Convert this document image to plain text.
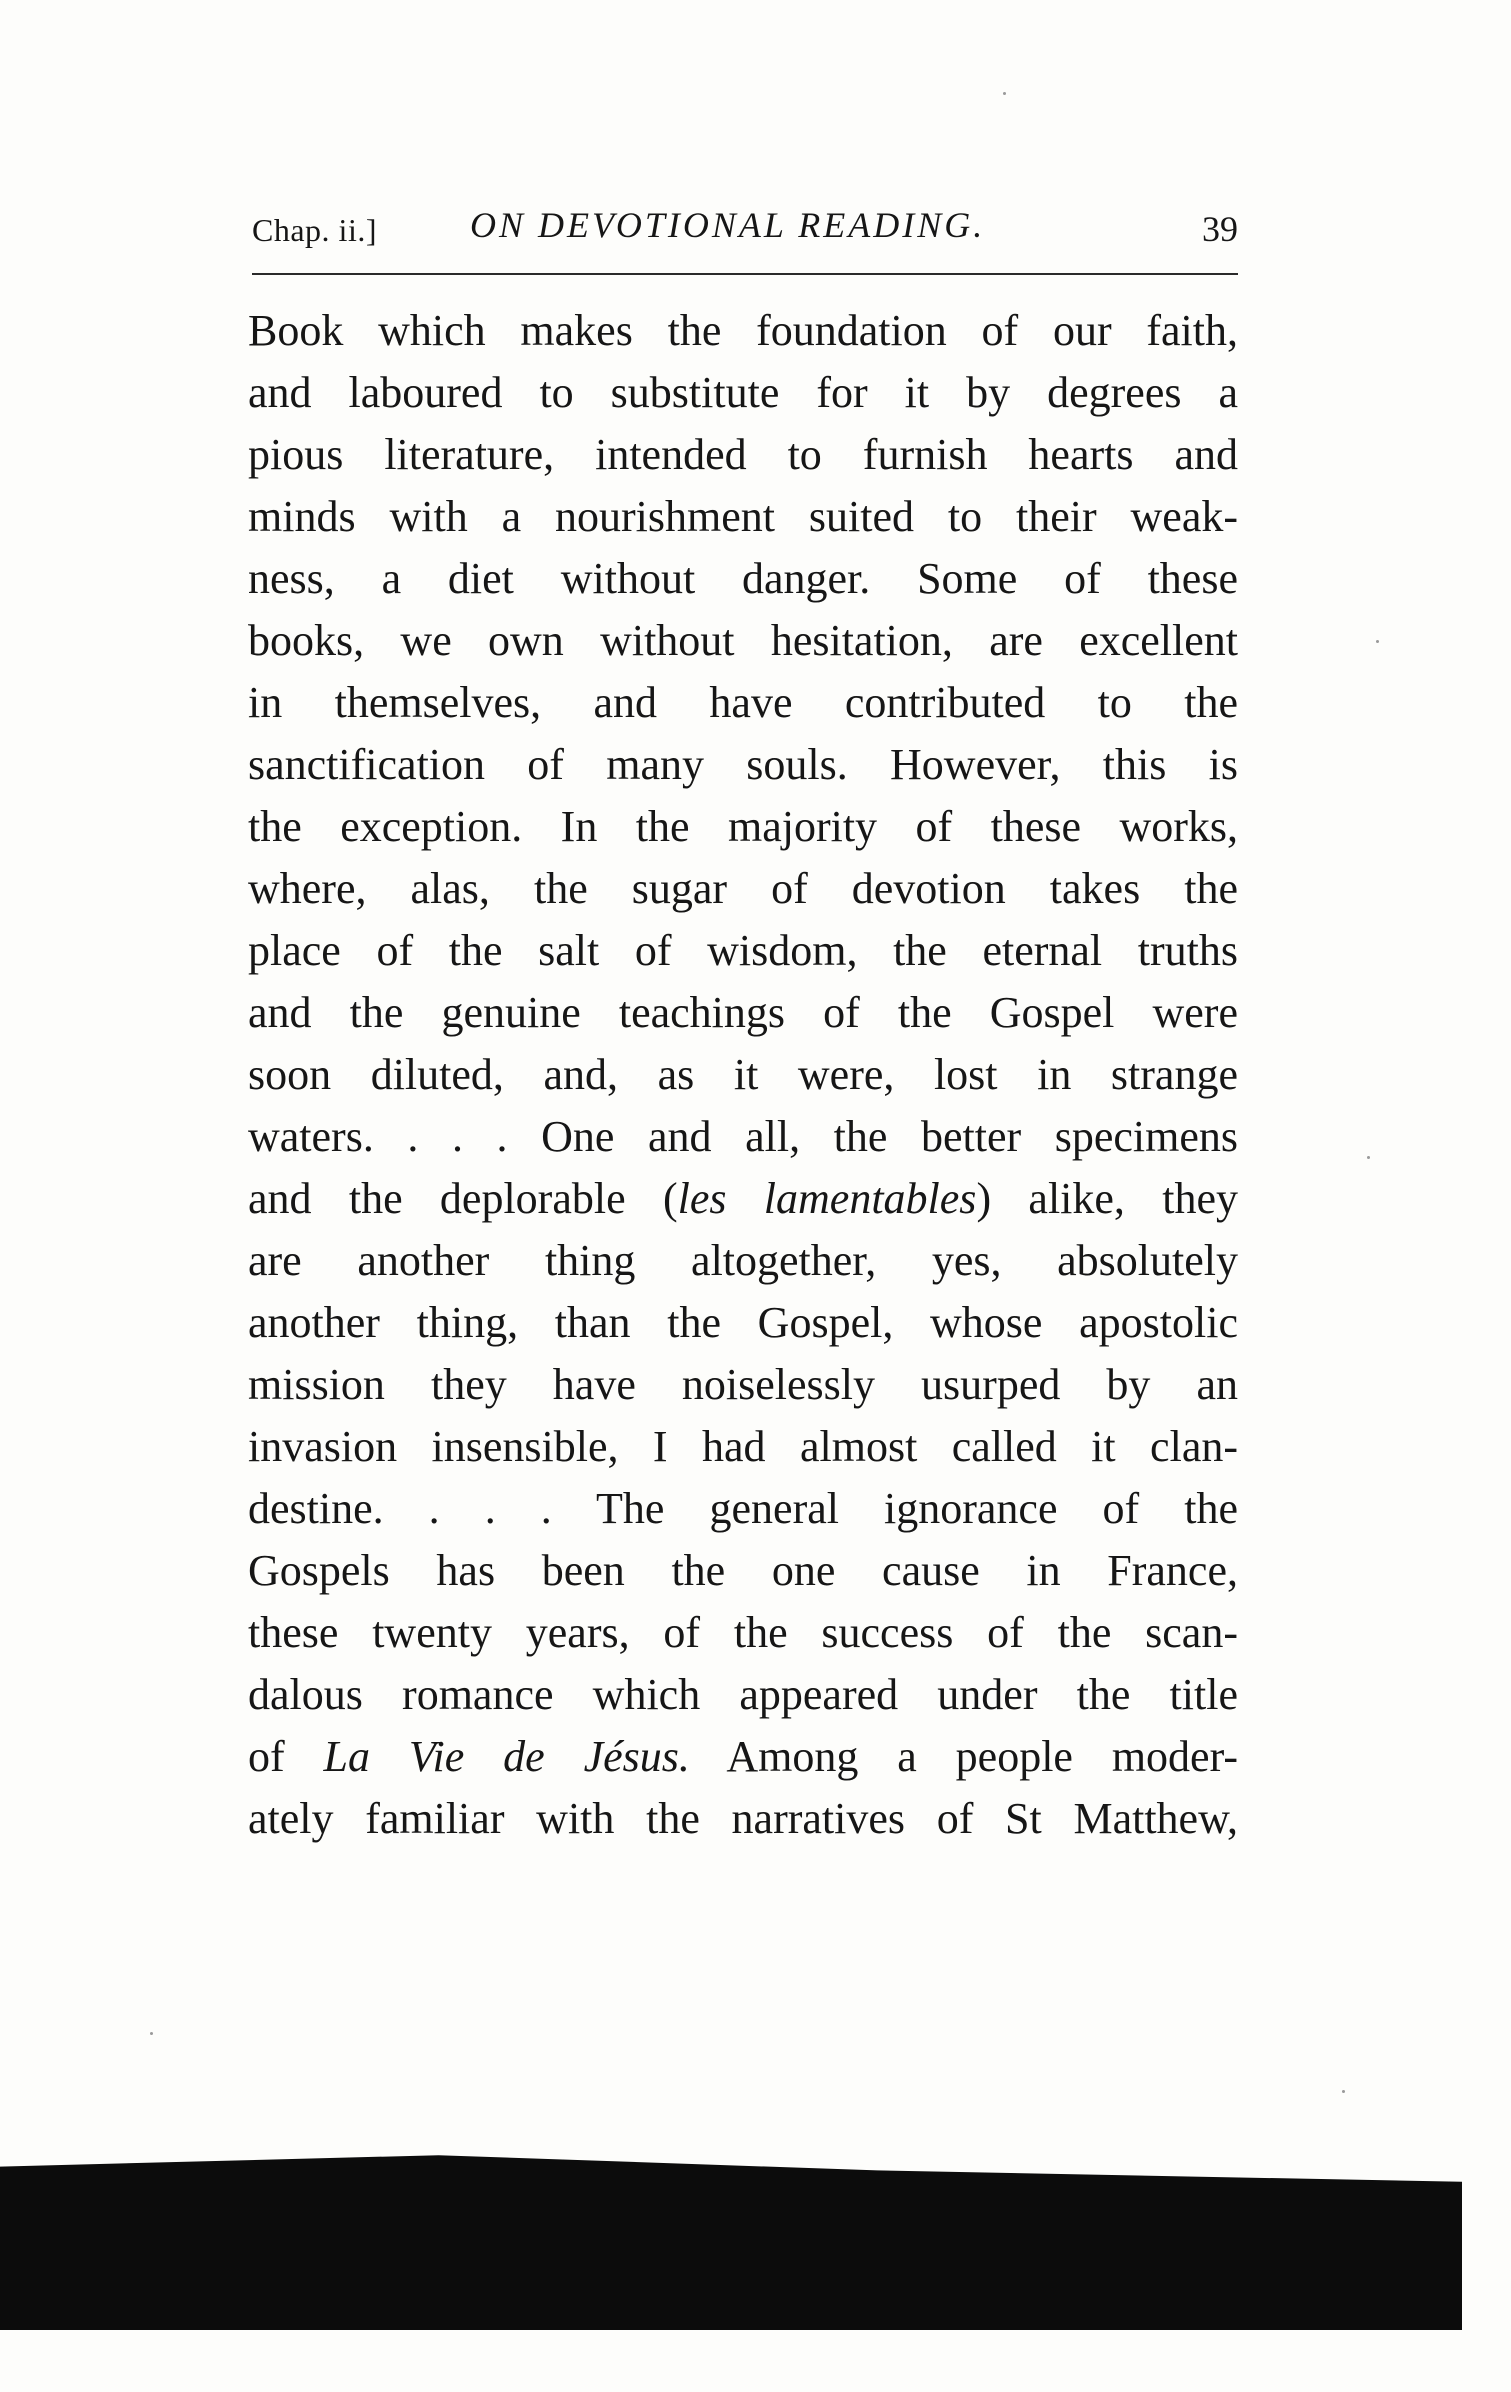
Chap. ii.]	ON DEVOTIONAL READING.	39
Book which makes the foundation of our faith,
and laboured to substitute for it by degrees a
pious literature, intended to furnish hearts and
minds with a nourishment suited to their weak-
ness, a diet without danger. Some of these
books, we own without hesitation, are excellent
in themselves, and have contributed to the
sanctification of many souls. However, this is
the exception. In the majority of these works,
where, alas, the sugar of devotion takes the
place of the salt of wisdom, the eternal truths
and the genuine teachings of the Gospel were
soon diluted, and, as it were, lost in strange
waters. . . . One and all, the better specimens
and the deplorable (les lamentables) alike, they
are another thing altogether, yes, absolutely
another thing, than the Gospel, whose apostolic
mission they have noiselessly usurped by an
invasion insensible, I had almost called it clan-
destine. . . . The general ignorance of the
Gospels has been the one cause in France,
these twenty years, of the success of the scan-
dalous romance which appeared under the title
of La Vie de Jésus. Among a people moder-
ately familiar with the narratives of St Matthew,
